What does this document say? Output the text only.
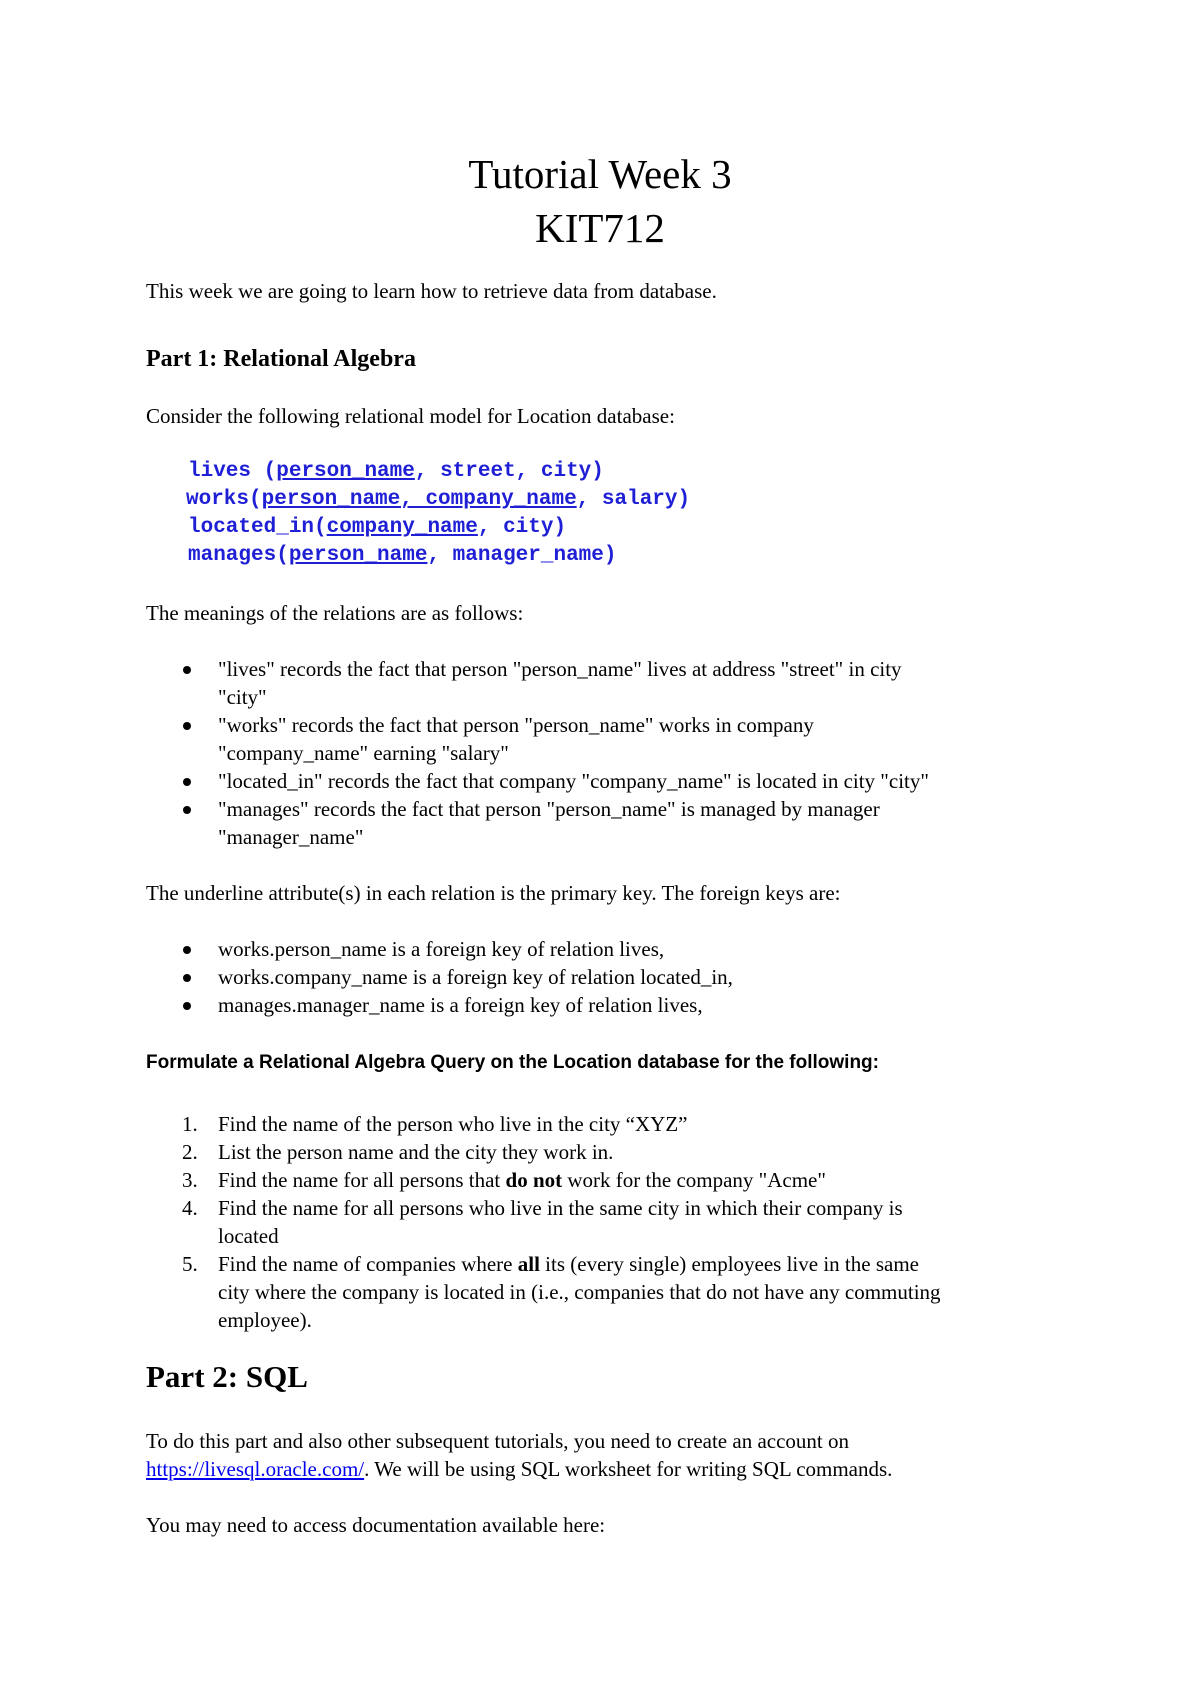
Tutorial Week 3
KIT712
This week we are going to learn how to retrieve data from database.
Part 1: Relational Algebra
Consider the following relational model for Location database:
lives (person_name, street, city)
works(person_name, company_name, salary)
located_in(company_name, city)
manages(person_name, manager_name)
The meanings of the relations are as follows:
"lives" records the fact that person "person_name" lives at address "street" in city
"city"
"works" records the fact that person "person_name" works in company
"company_name" earning "salary"
"located_in" records the fact that company "company_name" is located in city "city"
"manages" records the fact that person "person_name" is managed by manager
"manager_name"
The underline attribute(s) in each relation is the primary key. The foreign keys are:
works.person_name is a foreign key of relation lives,
works.company_name is a foreign key of relation located_in,
manages.manager_name is a foreign key of relation lives,
Formulate a Relational Algebra Query on the Location database for the following:
1. Find the name of the person who live in the city “XYZ”
2. List the person name and the city they work in.
3. Find the name for all persons that do not work for the company "Acme"
4. Find the name for all persons who live in the same city in which their company is
located
5. Find the name of companies where all its (every single) employees live in the same
city where the company is located in (i.e., companies that do not have any commuting
employee).
Part 2: SQL
To do this part and also other subsequent tutorials, you need to create an account on
https://livesql.oracle.com/. We will be using SQL worksheet for writing SQL commands.
You may need to access documentation available here:
